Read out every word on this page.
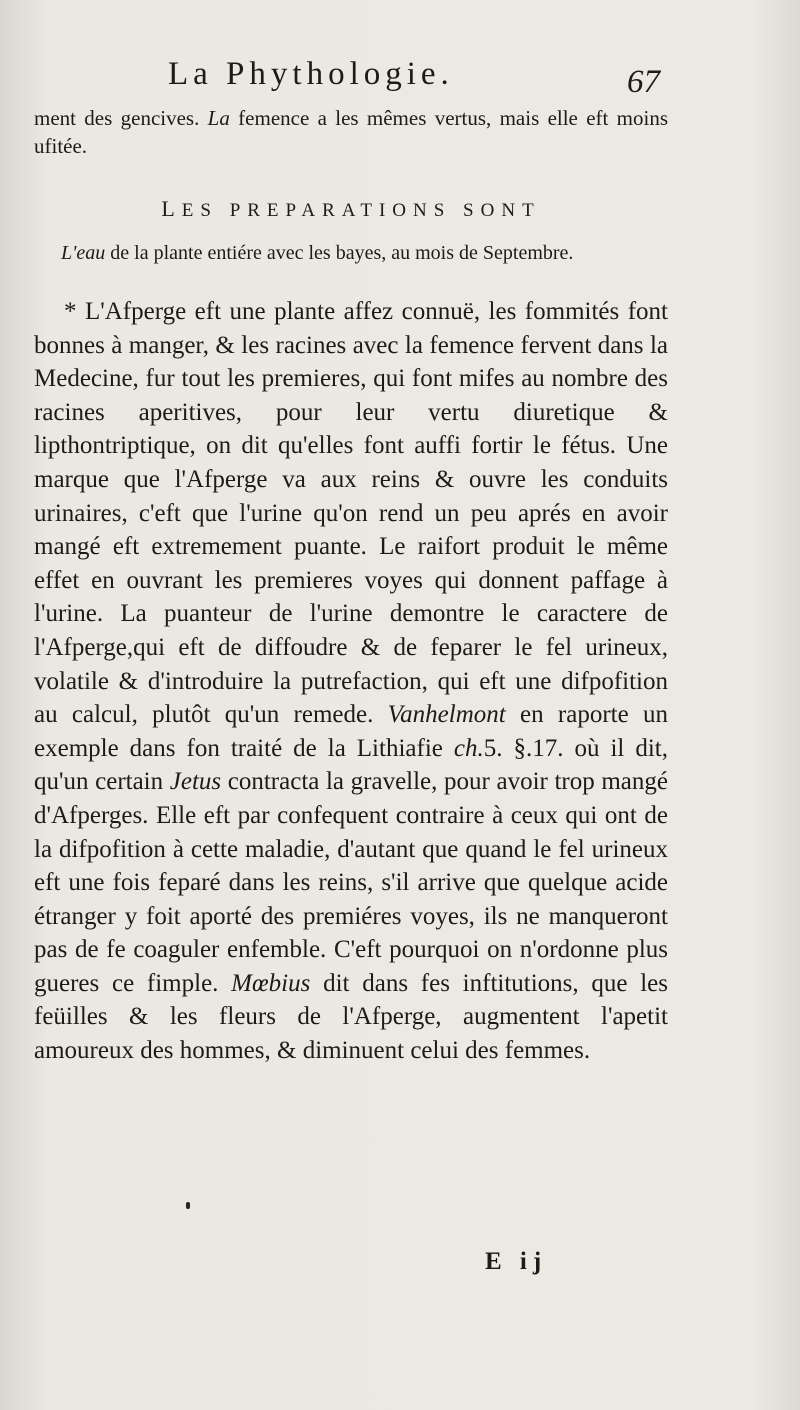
La Phythologie.	67

ment des gencives. La femence a les mêmes vertus, mais elle eft moins ufitée.

LES PREPARATIONS SONT

L'eau de la plante entiére avec les bayes, au mois de Septembre.

* L'Afperge eft une plante affez connuë, les fommités font bonnes à manger, & les racines avec la femence fervent dans la Medecine, fur tout les premieres, qui font mifes au nombre des racines aperitives, pour leur vertu diuretique & lipthontriptique, on dit qu'elles font auffi fortir le fétus. Une marque que l'Afperge va aux reins & ouvre les conduits urinaires, c'eft que l'urine qu'on rend un peu aprés en avoir mangé eft extremement puante. Le raifort produit le même effet en ouvrant les premieres voyes qui donnent paffage à l'urine. La puanteur de l'urine demontre le caractere de l'Afperge,qui eft de diffoudre & de feparer le fel urineux, volatile & d'introduire la putrefaction, qui eft une difpofition au calcul, plutôt qu'un remede. Vanhelmont en raporte un exemple dans fon traité de la Lithiafie ch.5. §.17. où il dit, qu'un certain Jetus contracta la gravelle, pour avoir trop mangé d'Afperges. Elle eft par confequent contraire à ceux qui ont de la difpofition à cette maladie, d'autant que quand le fel urineux eft une fois feparé dans les reins, s'il arrive que quelque acide étranger y foit aporté des premiéres voyes, ils ne manqueront pas de fe coaguler enfemble. C'eft pourquoi on n'ordonne plus gueres ce fimple. Mœbius dit dans fes inftitutions, que les feüilles & les fleurs de l'Afperge, augmentent l'apetit amoureux des hommes, & diminuent celui des femmes.

E ij
